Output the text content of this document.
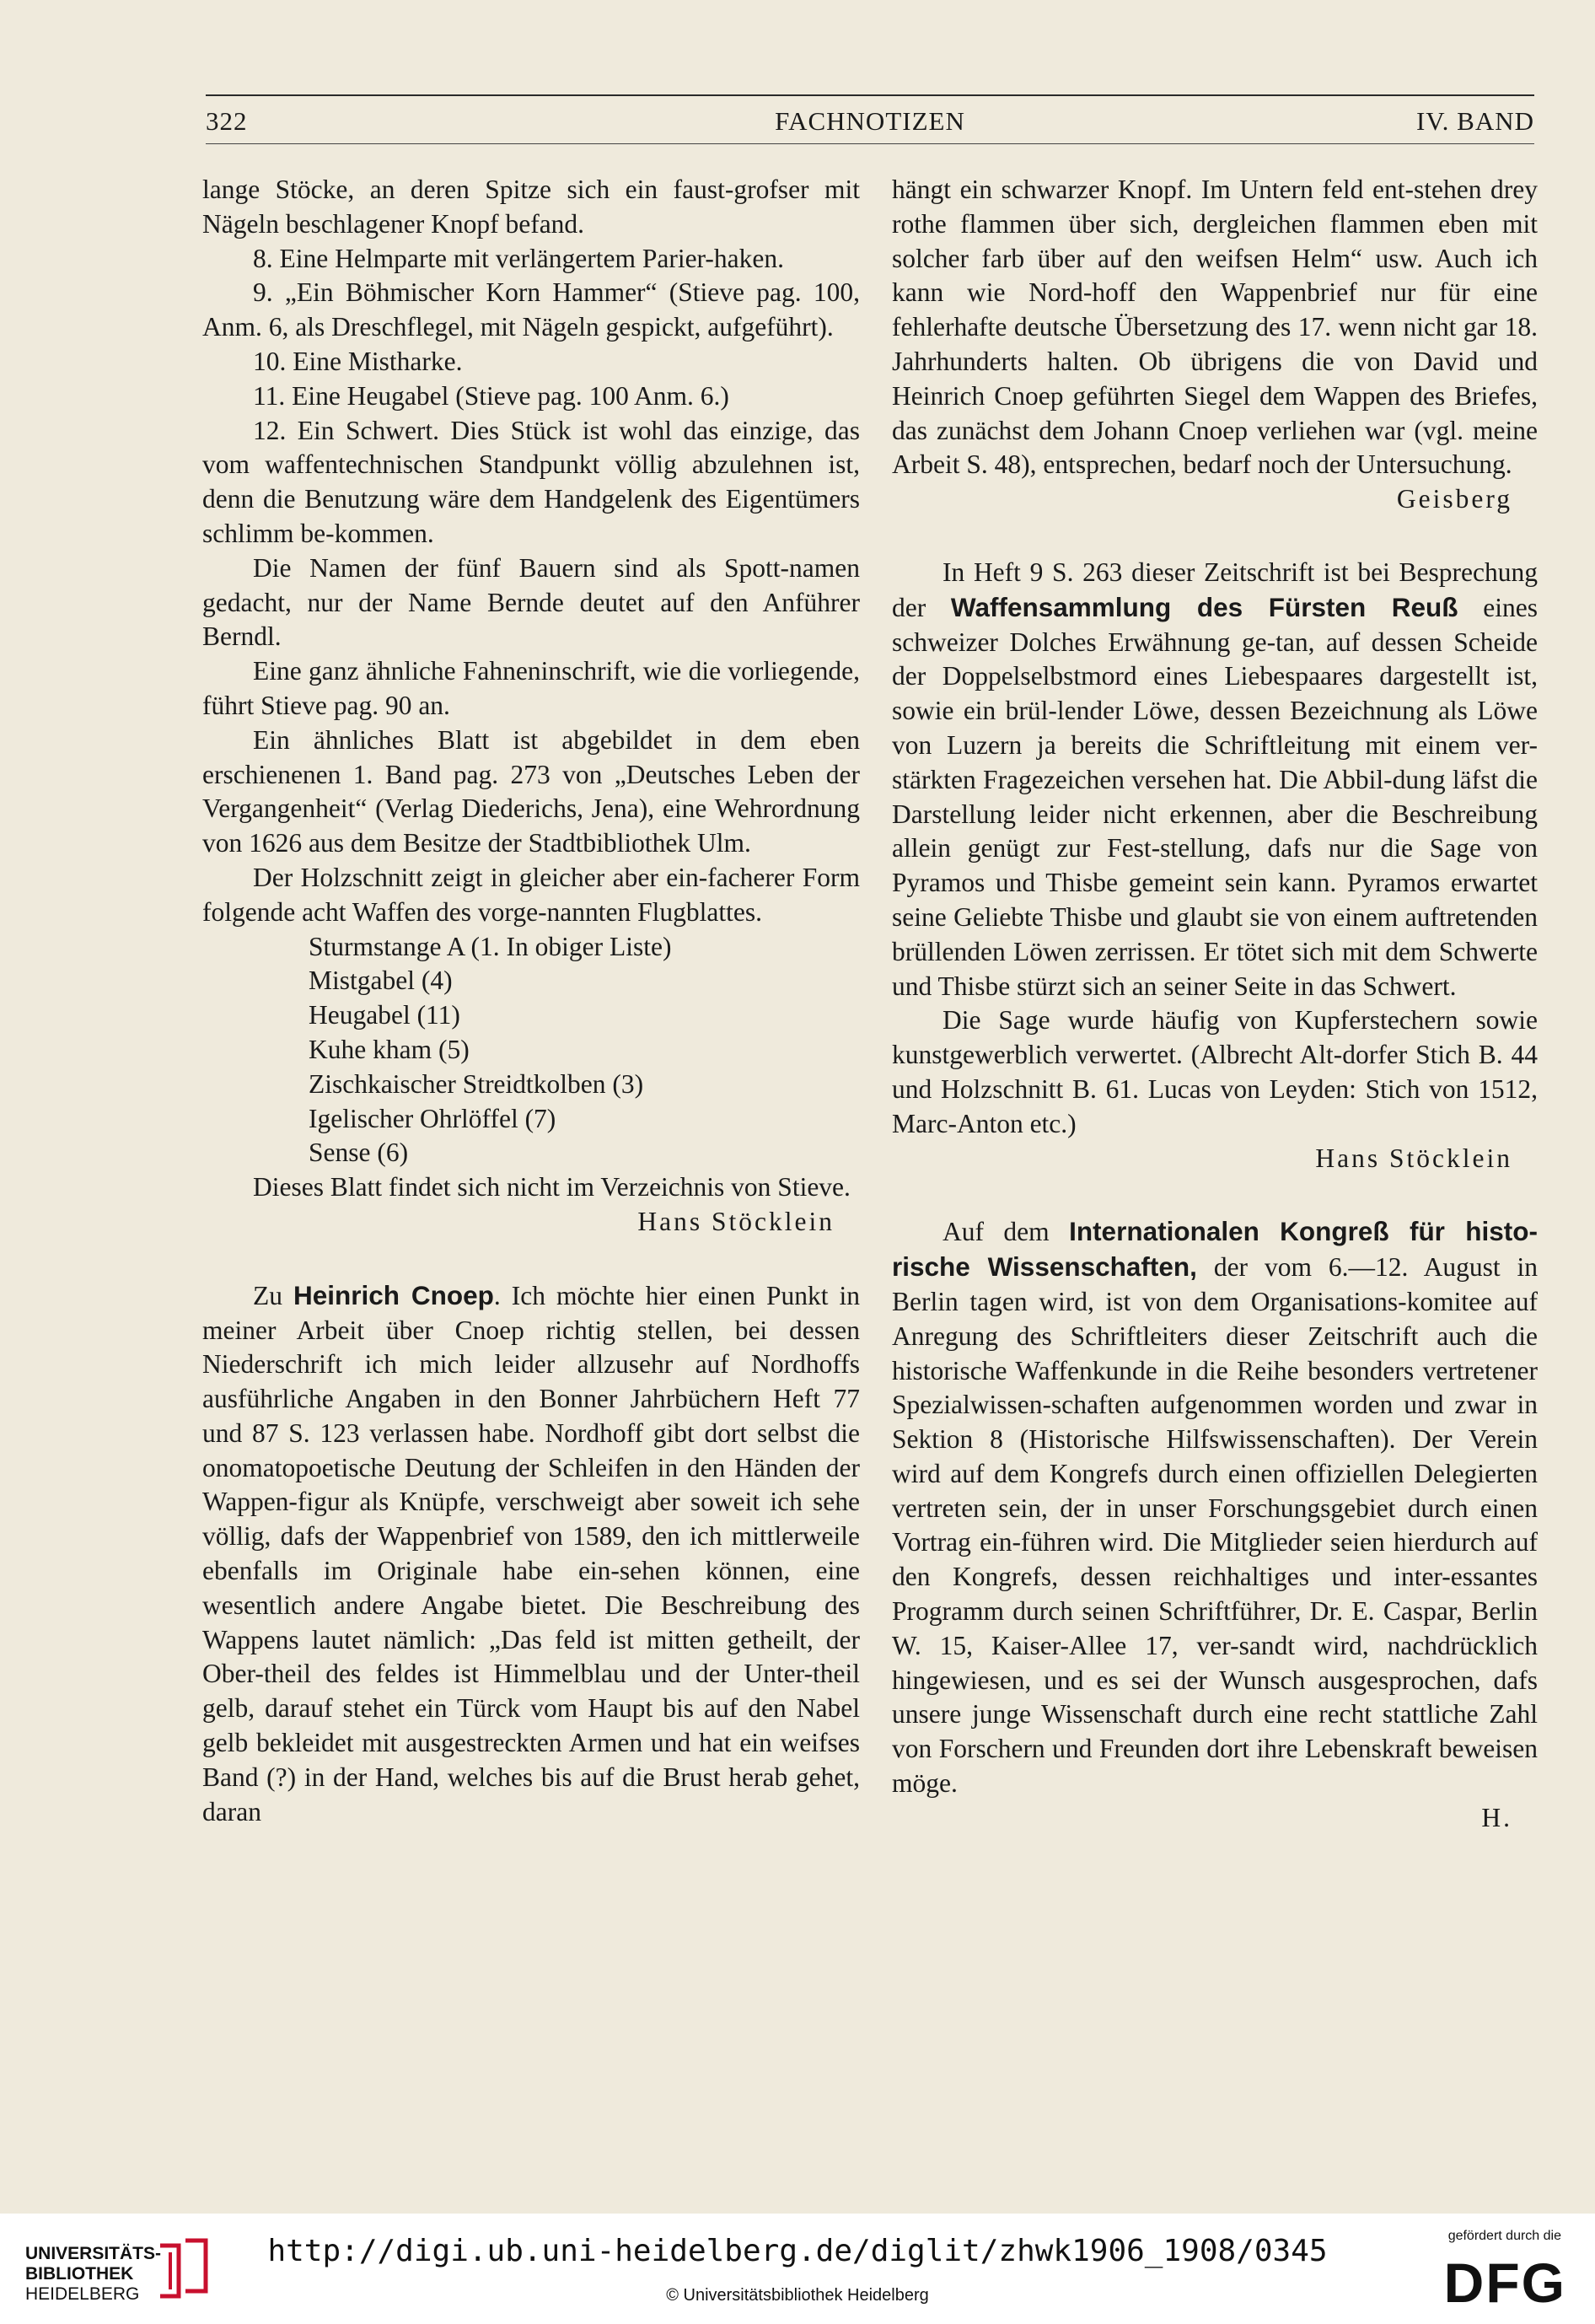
322	FACHNOTIZEN	IV. BAND

lange Stöcke, an deren Spitze sich ein faust-grofser mit Nägeln beschlagener Knopf befand.

8. Eine Helmparte mit verlängertem Parier-haken.

9. „Ein Böhmischer Korn Hammer“ (Stieve pag. 100, Anm. 6, als Dreschflegel, mit Nägeln gespickt, aufgeführt).

10. Eine Mistharke.

11. Eine Heugabel (Stieve pag. 100 Anm. 6.)

12. Ein Schwert. Dies Stück ist wohl das einzige, das vom waffentechnischen Standpunkt völlig abzulehnen ist, denn die Benutzung wäre dem Handgelenk des Eigentümers schlimm be-kommen.

Die Namen der fünf Bauern sind als Spott-namen gedacht, nur der Name Bernde deutet auf den Anführer Berndl.

Eine ganz ähnliche Fahneninschrift, wie die vorliegende, führt Stieve pag. 90 an.

Ein ähnliches Blatt ist abgebildet in dem eben erschienenen 1. Band pag. 273 von „Deutsches Leben der Vergangenheit“ (Verlag Diederichs, Jena), eine Wehrordnung von 1626 aus dem Besitze der Stadtbibliothek Ulm.

Der Holzschnitt zeigt in gleicher aber ein-facherer Form folgende acht Waffen des vorge-nannten Flugblattes.

Sturmstange A (1. In obiger Liste)

Mistgabel (4)

Heugabel (11)

Kuhe kham (5)

Zischkaischer Streidtkolben (3)

Igelischer Ohrlöffel (7)

Sense (6)

Dieses Blatt findet sich nicht im Verzeichnis von Stieve.

Hans Stöcklein

Zu Heinrich Cnoep. Ich möchte hier einen Punkt in meiner Arbeit über Cnoep richtig stellen, bei dessen Niederschrift ich mich leider allzusehr auf Nordhoffs ausführliche Angaben in den Bonner Jahrbüchern Heft 77 und 87 S. 123 verlassen habe. Nordhoff gibt dort selbst die onomatopoetische Deutung der Schleifen in den Händen der Wappen-figur als Knüpfe, verschweigt aber soweit ich sehe völlig, dafs der Wappenbrief von 1589, den ich mittlerweile ebenfalls im Originale habe ein-sehen können, eine wesentlich andere Angabe bietet. Die Beschreibung des Wappens lautet nämlich: „Das feld ist mitten getheilt, der Ober-theil des feldes ist Himmelblau und der Unter-theil gelb, darauf stehet ein Türck vom Haupt bis auf den Nabel gelb bekleidet mit ausgestreckten Armen und hat ein weifses Band (?) in der Hand, welches bis auf die Brust herab gehet, daran

hängt ein schwarzer Knopf. Im Untern feld ent-stehen drey rothe flammen über sich, dergleichen flammen eben mit solcher farb über auf den weifsen Helm“ usw. Auch ich kann wie Nord-hoff den Wappenbrief nur für eine fehlerhafte deutsche Übersetzung des 17. wenn nicht gar 18. Jahrhunderts halten. Ob übrigens die von David und Heinrich Cnoep geführten Siegel dem Wappen des Briefes, das zunächst dem Johann Cnoep verliehen war (vgl. meine Arbeit S. 48), entsprechen, bedarf noch der Untersuchung.

Geisberg

In Heft 9 S. 263 dieser Zeitschrift ist bei Besprechung der Waffensammlung des Fürsten Reuß eines schweizer Dolches Erwähnung ge-tan, auf dessen Scheide der Doppelselbstmord eines Liebespaares dargestellt ist, sowie ein brül-lender Löwe, dessen Bezeichnung als Löwe von Luzern ja bereits die Schriftleitung mit einem ver-stärkten Fragezeichen versehen hat. Die Abbil-dung läfst die Darstellung leider nicht erkennen, aber die Beschreibung allein genügt zur Fest-stellung, dafs nur die Sage von Pyramos und Thisbe gemeint sein kann. Pyramos erwartet seine Geliebte Thisbe und glaubt sie von einem auftretenden brüllenden Löwen zerrissen. Er tötet sich mit dem Schwerte und Thisbe stürzt sich an seiner Seite in das Schwert.

Die Sage wurde häufig von Kupferstechern sowie kunstgewerblich verwertet. (Albrecht Alt-dorfer Stich B. 44 und Holzschnitt B. 61. Lucas von Leyden: Stich von 1512, Marc-Anton etc.)

Hans Stöcklein

Auf dem Internationalen Kongreß für histo-rische Wissenschaften, der vom 6.—12. August in Berlin tagen wird, ist von dem Organisations-komitee auf Anregung des Schriftleiters dieser Zeitschrift auch die historische Waffenkunde in die Reihe besonders vertretener Spezialwissen-schaften aufgenommen worden und zwar in Sektion 8 (Historische Hilfswissenschaften). Der Verein wird auf dem Kongrefs durch einen offiziellen Delegierten vertreten sein, der in unser Forschungsgebiet durch einen Vortrag ein-führen wird. Die Mitglieder seien hierdurch auf den Kongrefs, dessen reichhaltiges und inter-essantes Programm durch seinen Schriftführer, Dr. E. Caspar, Berlin W. 15, Kaiser-Allee 17, ver-sandt wird, nachdrücklich hingewiesen, und es sei der Wunsch ausgesprochen, dafs unsere junge Wissenschaft durch eine recht stattliche Zahl von Forschern und Freunden dort ihre Lebenskraft beweisen möge.

H.

UNIVERSITÄTS-
BIBLIOTHEK
HEIDELBERG
http://digi.ub.uni-heidelberg.de/diglit/zhwk1906_1908/0345
© Universitätsbibliothek Heidelberg
gefördert durch die
DFG
